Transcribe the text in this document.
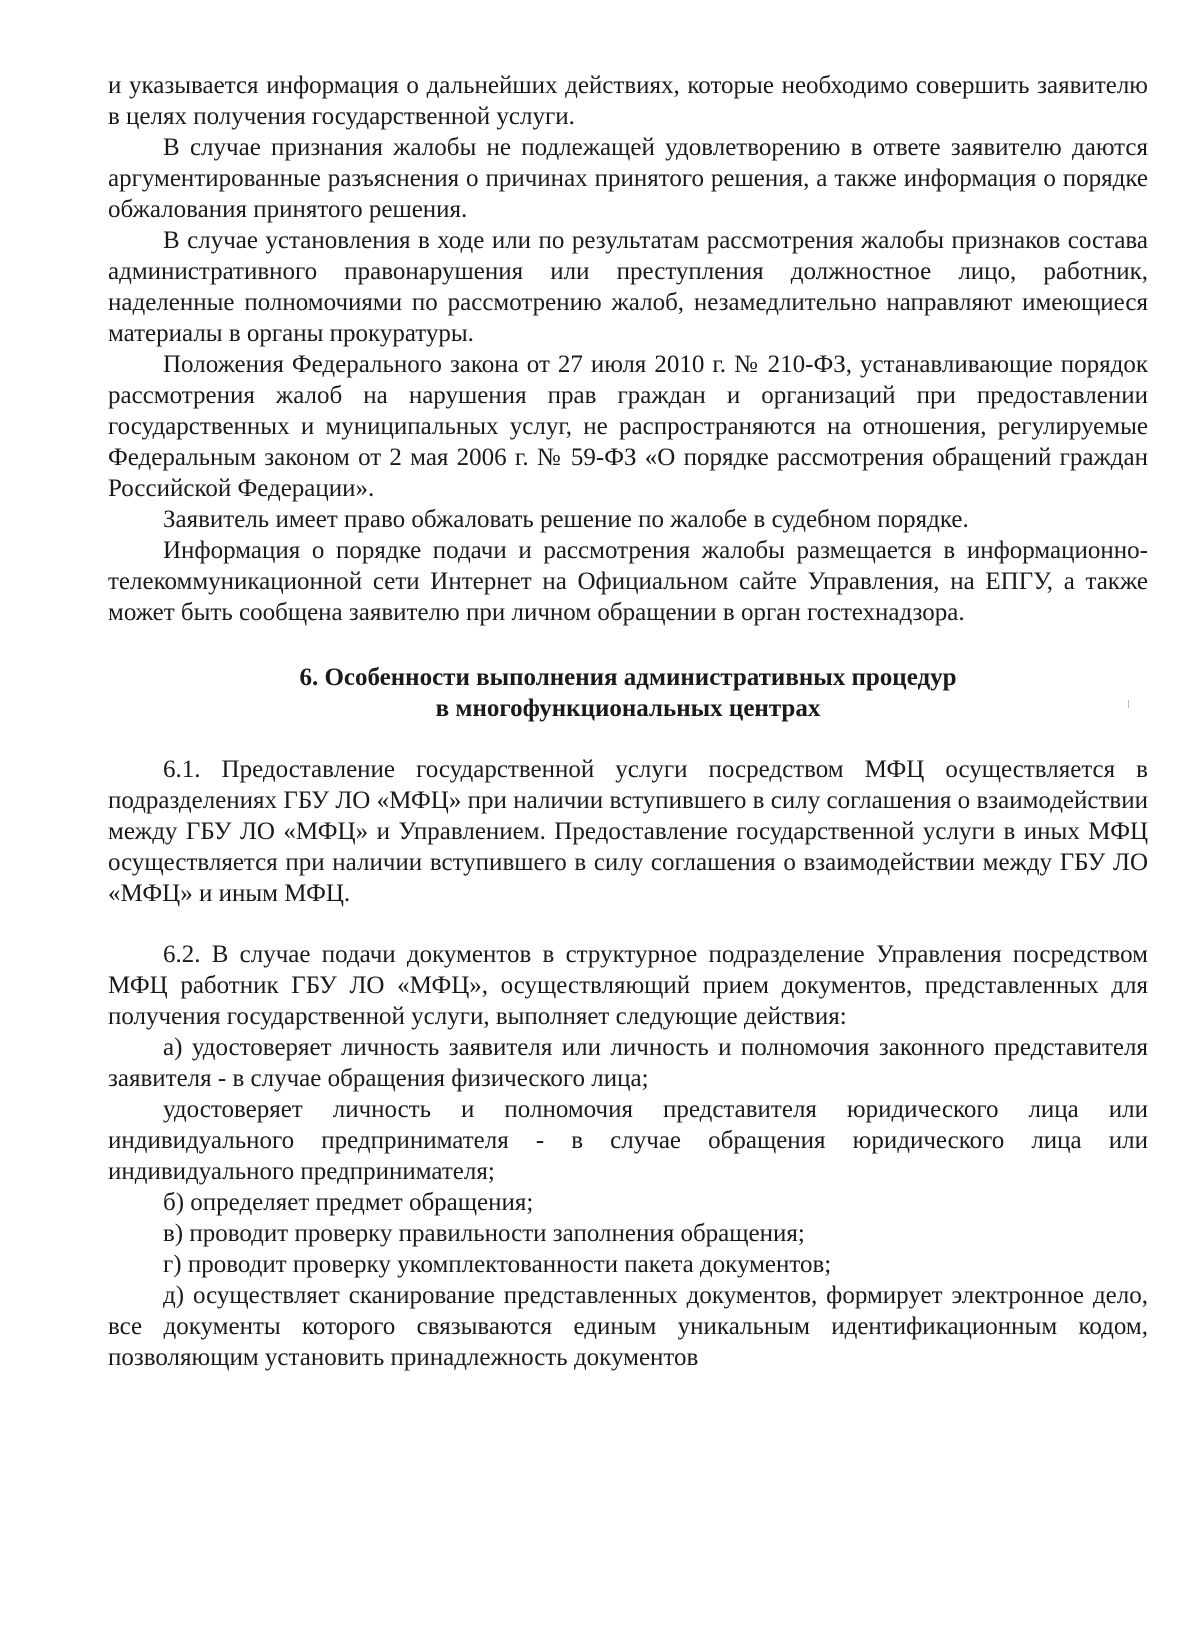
и указывается информация о дальнейших действиях, которые необходимо совершить заявителю в целях получения государственной услуги.

В случае признания жалобы не подлежащей удовлетворению в ответе заявителю даются аргументированные разъяснения о причинах принятого решения, а также информация о порядке обжалования принятого решения.

В случае установления в ходе или по результатам рассмотрения жалобы признаков состава административного правонарушения или преступления должностное лицо, работник, наделенные полномочиями по рассмотрению жалоб, незамедлительно направляют имеющиеся материалы в органы прокуратуры.

Положения Федерального закона от 27 июля 2010 г. № 210-ФЗ, устанавливающие порядок рассмотрения жалоб на нарушения прав граждан и организаций при предоставлении государственных и муниципальных услуг, не распространяются на отношения, регулируемые Федеральным законом от 2 мая 2006 г. № 59-ФЗ «О порядке рассмотрения обращений граждан Российской Федерации».

Заявитель имеет право обжаловать решение по жалобе в судебном порядке.

Информация о порядке подачи и рассмотрения жалобы размещается в информационно-телекоммуникационной сети Интернет на Официальном сайте Управления, на ЕПГУ, а также может быть сообщена заявителю при личном обращении в орган гостехнадзора.

6. Особенности выполнения административных процедур
в многофункциональных центрах

6.1. Предоставление государственной услуги посредством МФЦ осуществляется в подразделениях ГБУ ЛО «МФЦ» при наличии вступившего в силу соглашения о взаимодействии между ГБУ ЛО «МФЦ» и Управлением. Предоставление государственной услуги в иных МФЦ осуществляется при наличии вступившего в силу соглашения о взаимодействии между ГБУ ЛО «МФЦ» и иным МФЦ.

6.2. В случае подачи документов в структурное подразделение Управления посредством МФЦ работник ГБУ ЛО «МФЦ», осуществляющий прием документов, представленных для получения государственной услуги, выполняет следующие действия:

а) удостоверяет личность заявителя или личность и полномочия законного представителя заявителя - в случае обращения физического лица;

удостоверяет личность и полномочия представителя юридического лица или индивидуального предпринимателя - в случае обращения юридического лица или индивидуального предпринимателя;

б) определяет предмет обращения;

в) проводит проверку правильности заполнения обращения;

г) проводит проверку укомплектованности пакета документов;

д) осуществляет сканирование представленных документов, формирует электронное дело, все документы которого связываются единым уникальным идентификационным кодом, позволяющим установить принадлежность документов
